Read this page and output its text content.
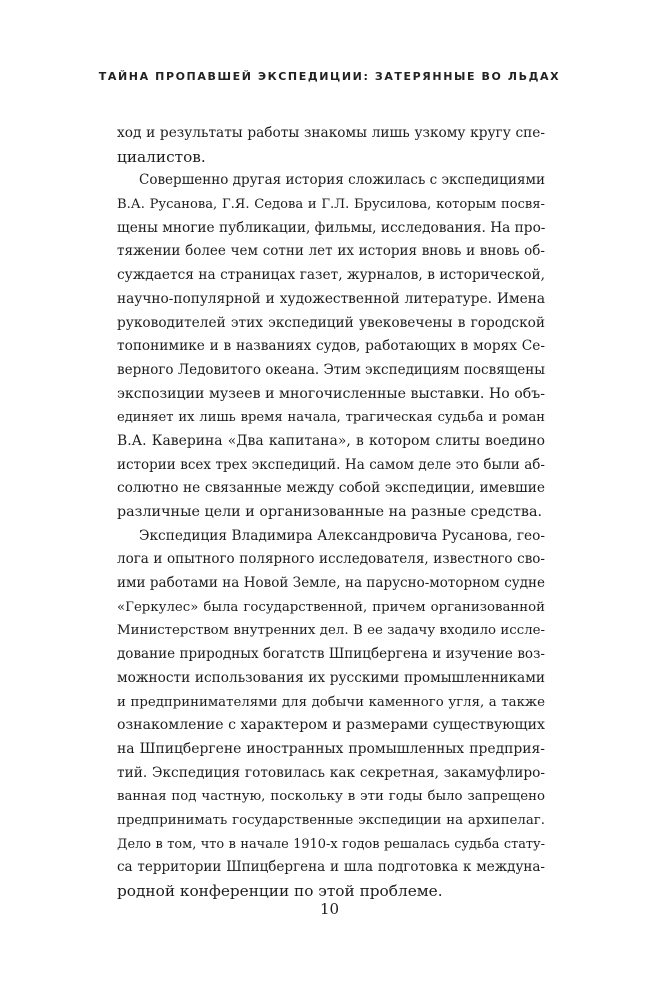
ТАЙНА ПРОПАВШЕЙ ЭКСПЕДИЦИИ: ЗАТЕРЯННЫЕ ВО ЛЬДАХ
ход и результаты работы знакомы лишь узкому кругу спе-
циалистов.
Совершенно другая история сложилась с экспедициями
В.А. Русанова, Г.Я. Седова и Г.Л. Брусилова, которым посвя-
щены многие публикации, фильмы, исследования. На про-
тяжении более чем сотни лет их история вновь и вновь об-
суждается на страницах газет, журналов, в исторической,
научно-популярной и художественной литературе. Имена
руководителей этих экспедиций увековечены в городской
топонимике и в названиях судов, работающих в морях Се-
верного Ледовитого океана. Этим экспедициям посвящены
экспозиции музеев и многочисленные выставки. Но объ-
единяет их лишь время начала, трагическая судьба и роман
В.А. Каверина «Два капитана», в котором слиты воедино
истории всех трех экспедиций. На самом деле это были аб-
солютно не связанные между собой экспедиции, имевшие
различные цели и организованные на разные средства.
Экспедиция Владимира Александровича Русанова, гео-
лога и опытного полярного исследователя, известного сво-
ими работами на Новой Земле, на парусно-моторном судне
«Геркулес» была государственной, причем организованной
Министерством внутренних дел. В ее задачу входило иссле-
дование природных богатств Шпицбергена и изучение воз-
можности использования их русскими промышленниками
и предпринимателями для добычи каменного угля, а также
ознакомление с характером и размерами существующих
на Шпицбергене иностранных промышленных предприя-
тий. Экспедиция готовилась как секретная, закамуфлиро-
ванная под частную, поскольку в эти годы было запрещено
предпринимать государственные экспедиции на архипелаг.
Дело в том, что в начале 1910-х годов решалась судьба стату-
са территории Шпицбергена и шла подготовка к междуна-
родной конференции по этой проблеме.
10
